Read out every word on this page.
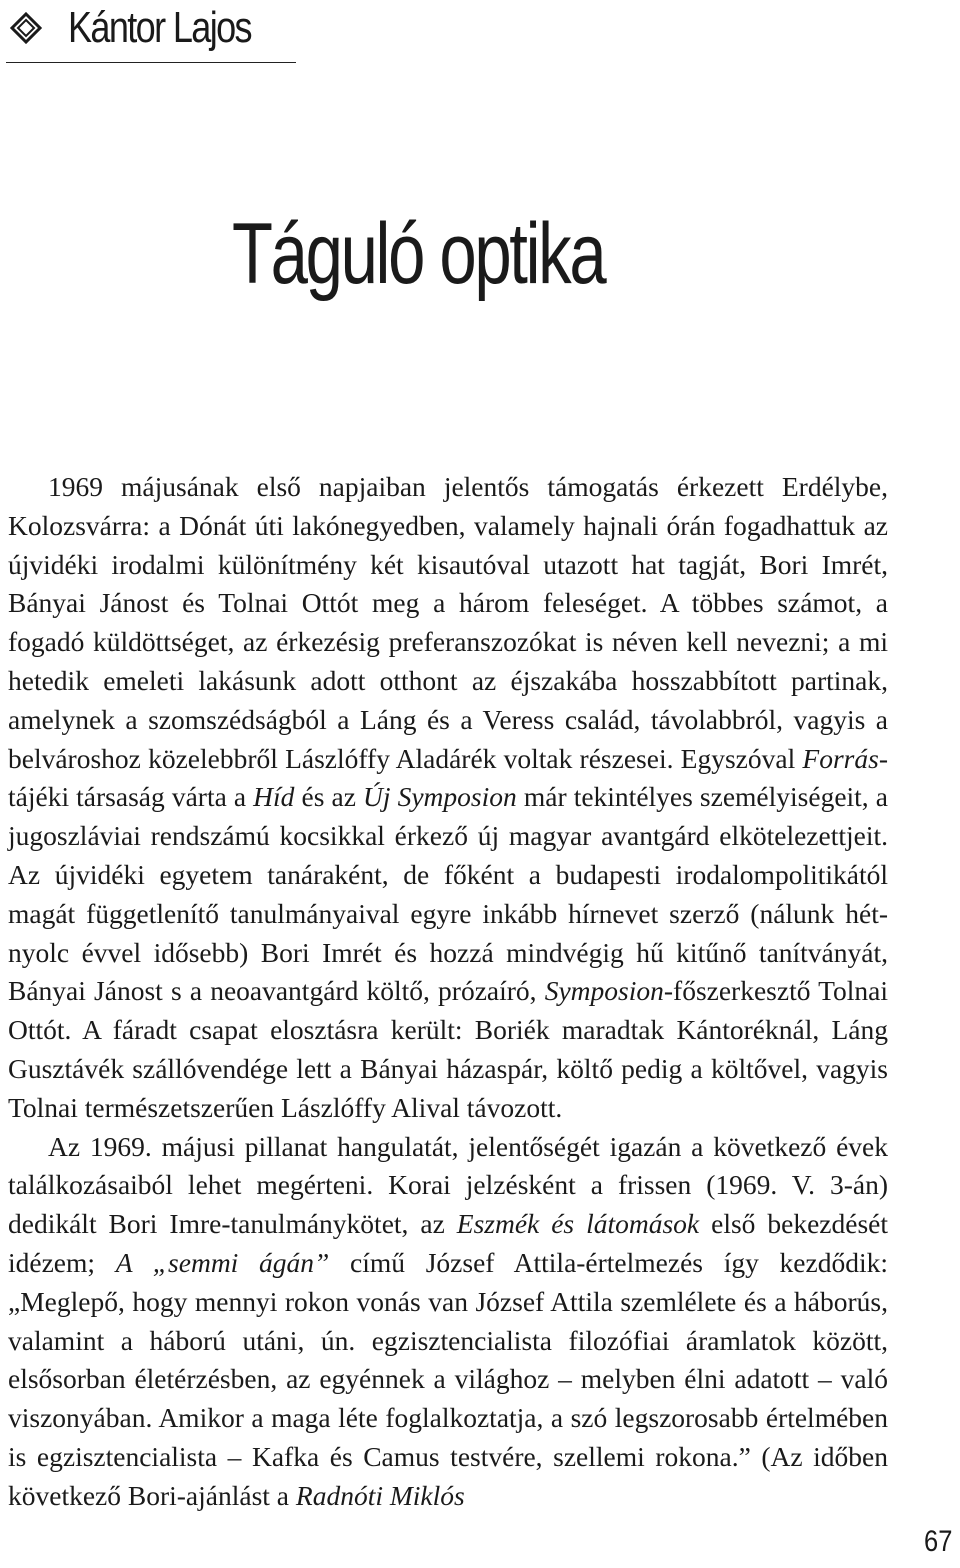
Kántor Lajos
Táguló optika

1969 májusának első napjaiban jelentős támogatás érkezett Erdélybe, Kolozsvárra: a Dónát úti lakónegyedben, valamely hajnali órán fogadhattuk az újvidéki irodalmi különítmény két kisautóval utazott hat tagját, Bori Imrét, Bányai Jánost és Tolnai Ottót meg a három feleséget. A többes számot, a fogadó küldöttséget, az érkezésig preferanszozókat is néven kell nevezni; a mi hetedik emeleti lakásunk adott otthont az éjszakába hosszabbított partinak, amelynek a szomszédságból a Láng és a Veress család, távolabbról, vagyis a belvároshoz közelebbről Lászlóffy Aladárék voltak részesei. Egyszóval Forrás-tájéki társaság várta a Híd és az Új Symposion már tekintélyes személyiségeit, a jugoszláviai rendszámú kocsikkal érkező új magyar avantgárd elkötelezettjeit. Az újvidéki egyetem tanáraként, de főként a budapesti irodalompolitikától magát függetlenítő tanulmányaival egyre inkább hírnevet szerző (nálunk hét-nyolc évvel idősebb) Bori Imrét és hozzá mindvégig hű kitűnő tanítványát, Bányai Jánost s a neoavantgárd költő, prózaíró, Symposion-főszerkesztő Tolnai Ottót. A fáradt csapat elosztásra került: Boriék maradtak Kántoréknál, Láng Gusztávék szállóvendége lett a Bányai házaspár, költő pedig a költővel, vagyis Tolnai természetszerűen Lászlóffy Alival távozott.

Az 1969. májusi pillanat hangulatát, jelentőségét igazán a következő évek találkozásaiból lehet megérteni. Korai jelzésként a frissen (1969. V. 3-án) dedikált Bori Imre-tanulmánykötet, az Eszmék és látomások első bekezdését idézem; A „semmi ágán” című József Attila-értelmezés így kezdődik: „Meglepő, hogy mennyi rokon vonás van József Attila szemlélete és a háborús, valamint a háború utáni, ún. egzisztencialista filozófiai áramlatok között, elsősorban életérzésben, az egyénnek a világhoz – melyben élni adatott – való viszonyában. Amikor a maga léte foglalkoztatja, a szó legszorosabb értelmében is egzisztencialista – Kafka és Camus testvére, szellemi rokona.” (Az időben következő Bori-ajánlást a Radnóti Miklós

67
